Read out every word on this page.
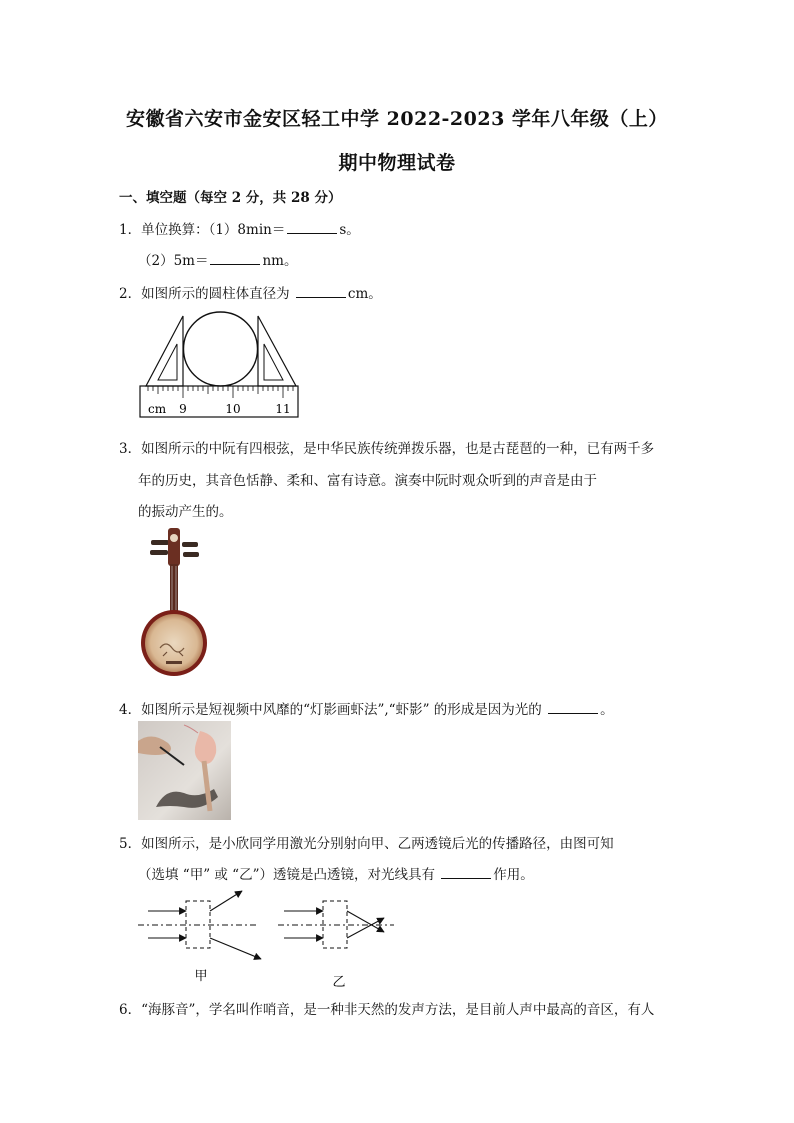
安徽省六安市金安区轻工中学 2022-2023 学年八年级（上）
期中物理试卷
一、填空题（每空 2 分，共 28 分）
1．单位换算：（1）8min＝	s。
（2）5m＝	nm。
2．如图所示的圆柱体直径为	cm。
cm 9	10	11
3．如图所示的中阮有四根弦，是中华民族传统弹拨乐器，也是古琵琶的一种，已有两千多
年的历史，其音色恬静、柔和、富有诗意。演奏中阮时观众听到的声音是由于
的振动产生的。
4．如图所示是短视频中风靡的“灯影画虾法”,“虾影” 的形成是因为光的	。
5．如图所示，是小欣同学用激光分别射向甲、乙两透镜后光的传播路径，由图可知
（选填 “甲” 或 “乙”）透镜是凸透镜，对光线具有	作用。
甲	乙
6．“海豚音”，学名叫作哨音，是一种非天然的发声方法，是目前人声中最高的音区，有人
